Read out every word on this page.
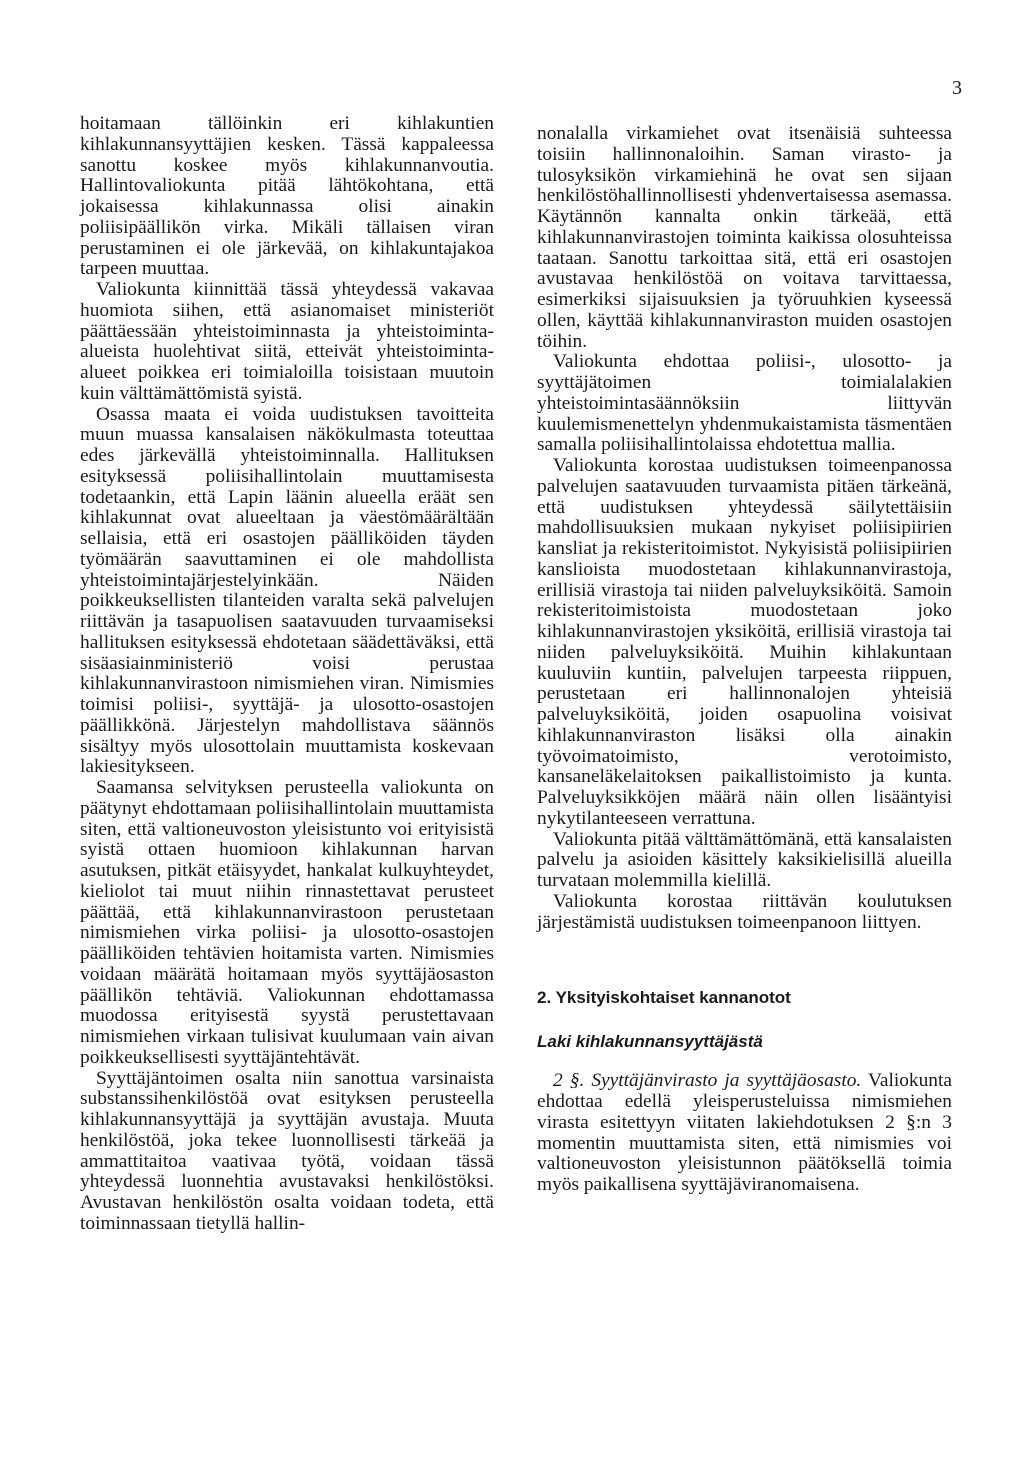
3

hoitamaan tällöinkin eri kihlakuntien kihlakunnansyyttäjien kesken. Tässä kappaleessa sanottu koskee myös kihlakunnanvoutia. Hallintovaliokunta pitää lähtökohtana, että jokaisessa kihlakunnassa olisi ainakin poliisipäällikön virka. Mikäli tällaisen viran perustaminen ei ole järkevää, on kihlakuntajakoa tarpeen muuttaa.

Valiokunta kiinnittää tässä yhteydessä vakavaa huomiota siihen, että asianomaiset ministeriöt päättäessään yhteistoiminnasta ja yhteistoiminta-alueista huolehtivat siitä, etteivät yhteistoiminta-alueet poikkea eri toimialoilla toisistaan muutoin kuin välttämättömistä syistä.

Osassa maata ei voida uudistuksen tavoitteita muun muassa kansalaisen näkökulmasta toteuttaa edes järkevällä yhteistoiminnalla. Hallituksen esityksessä poliisihallintolain muuttamisesta todetaankin, että Lapin läänin alueella eräät sen kihlakunnat ovat alueeltaan ja väestömäärältään sellaisia, että eri osastojen päälliköiden täyden työmäärän saavuttaminen ei ole mahdollista yhteistoimintajärjestelyinkään. Näiden poikkeuksellisten tilanteiden varalta sekä palvelujen riittävän ja tasapuolisen saatavuuden turvaamiseksi hallituksen esityksessä ehdotetaan säädettäväksi, että sisäasiainministeriö voisi perustaa kihlakunnanvirastoon nimismiehen viran. Nimismies toimisi poliisi-, syyttäjä- ja ulosotto-osastojen päällikkönä. Järjestelyn mahdollistava säännös sisältyy myös ulosottolain muuttamista koskevaan lakiesitykseen.

Saamansa selvityksen perusteella valiokunta on päätynyt ehdottamaan poliisihallintolain muuttamista siten, että valtioneuvoston yleisistunto voi erityisistä syistä ottaen huomioon kihlakunnan harvan asutuksen, pitkät etäisyydet, hankalat kulkuyhteydet, kieliolot tai muut niihin rinnastettavat perusteet päättää, että kihlakunnanvirastoon perustetaan nimismiehen virka poliisi- ja ulosotto-osastojen päälliköiden tehtävien hoitamista varten. Nimismies voidaan määrätä hoitamaan myös syyttäjäosaston päällikön tehtäviä. Valiokunnan ehdottamassa muodossa erityisestä syystä perustettavaan nimismiehen virkaan tulisivat kuulumaan vain aivan poikkeuksellisesti syyttäjäntehtävät.

Syyttäjäntoimen osalta niin sanottua varsinaista substanssihenkilöstöä ovat esityksen perusteella kihlakunnansyyttäjä ja syyttäjän avustaja. Muuta henkilöstöä, joka tekee luonnollisesti tärkeää ja ammattitaitoa vaativaa työtä, voidaan tässä yhteydessä luonnehtia avustavaksi henkilöstöksi. Avustavan henkilöstön osalta voidaan todeta, että toiminnassaan tietyllä hallin-

nonalalla virkamiehet ovat itsenäisiä suhteessa toisiin hallinnonaloihin. Saman virasto- ja tulosyksikön virkamiehinä he ovat sen sijaan henkilöstöhallinnollisesti yhdenvertaisessa asemassa. Käytännön kannalta onkin tärkeää, että kihlakunnanvirastojen toiminta kaikissa olosuhteissa taataan. Sanottu tarkoittaa sitä, että eri osastojen avustavaa henkilöstöä on voitava tarvittaessa, esimerkiksi sijaisuuksien ja työruuhkien kyseessä ollen, käyttää kihlakunnanviraston muiden osastojen töihin.

Valiokunta ehdottaa poliisi-, ulosotto- ja syyttäjätoimen toimialalakien yhteistoimintasäännöksiin liittyvän kuulemismenettelyn yhdenmukaistamista täsmentäen samalla poliisihallintolaissa ehdotettua mallia.

Valiokunta korostaa uudistuksen toimeenpanossa palvelujen saatavuuden turvaamista pitäen tärkeänä, että uudistuksen yhteydessä säilytettäisiin mahdollisuuksien mukaan nykyiset poliisipiirien kansliat ja rekisteritoimistot. Nykyisistä poliisipiirien kanslioista muodostetaan kihlakunnanvirastoja, erillisiä virastoja tai niiden palveluyksiköitä. Samoin rekisteritoimistoista muodostetaan joko kihlakunnanvirastojen yksiköitä, erillisiä virastoja tai niiden palveluyksiköitä. Muihin kihlakuntaan kuuluviin kuntiin, palvelujen tarpeesta riippuen, perustetaan eri hallinnonalojen yhteisiä palveluyksiköitä, joiden osapuolina voisivat kihlakunnanviraston lisäksi olla ainakin työvoimatoimisto, verotoimisto, kansaneläkelaitoksen paikallistoimisto ja kunta. Palveluyksikköjen määrä näin ollen lisääntyisi nykytilanteeseen verrattuna.

Valiokunta pitää välttämättömänä, että kansalaisten palvelu ja asioiden käsittely kaksikielisillä alueilla turvataan molemmilla kielillä.

Valiokunta korostaa riittävän koulutuksen järjestämistä uudistuksen toimeenpanoon liittyen.

2. Yksityiskohtaiset kannanotot
Laki kihlakunnansyyttäjästä

2 §. Syyttäjänvirasto ja syyttäjäosasto. Valiokunta ehdottaa edellä yleisperusteluissa nimismiehen virasta esitettyyn viitaten lakiehdotuksen 2 §:n 3 momentin muuttamista siten, että nimismies voi valtioneuvoston yleisistunnon päätöksellä toimia myös paikallisena syyttäjäviranomaisena.
